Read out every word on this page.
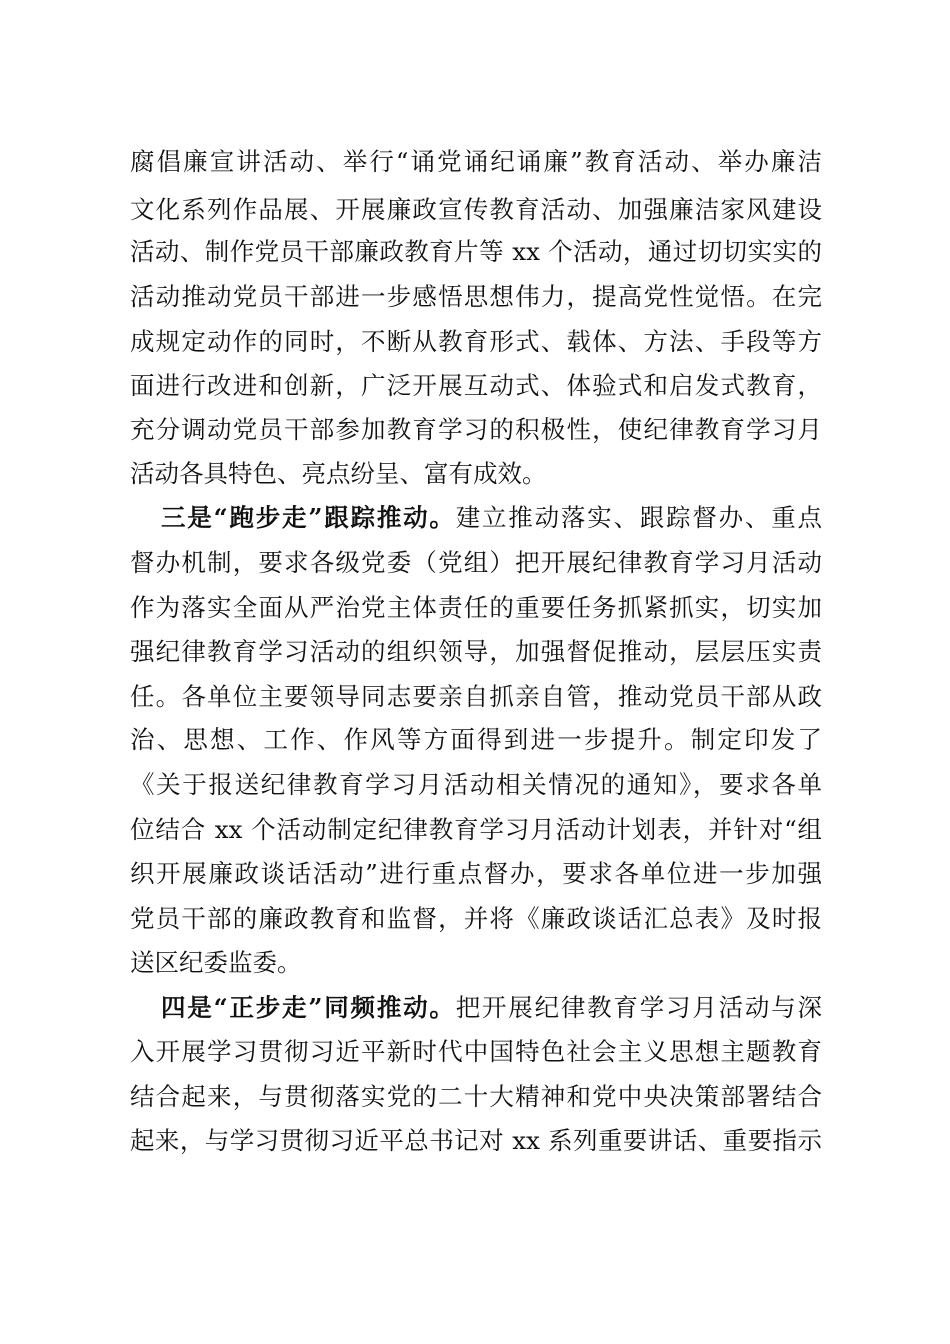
腐倡廉宣讲活动、举行“诵党诵纪诵廉”教育活动、举办廉洁
文化系列作品展、开展廉政宣传教育活动、加强廉洁家风建设
活动、制作党员干部廉政教育片等 xx 个活动，通过切切实实的
活动推动党员干部进一步感悟思想伟力，提高党性觉悟。在完
成规定动作的同时，不断从教育形式、载体、方法、手段等方
面进行改进和创新，广泛开展互动式、体验式和启发式教育，
充分调动党员干部参加教育学习的积极性，使纪律教育学习月
活动各具特色、亮点纷呈、富有成效。
三是“跑步走”跟踪推动。建立推动落实、跟踪督办、重点
督办机制，要求各级党委（党组）把开展纪律教育学习月活动
作为落实全面从严治党主体责任的重要任务抓紧抓实，切实加
强纪律教育学习活动的组织领导，加强督促推动，层层压实责
任。各单位主要领导同志要亲自抓亲自管，推动党员干部从政
治、思想、工作、作风等方面得到进一步提升。制定印发了
《关于报送纪律教育学习月活动相关情况的通知》，要求各单
位结合 xx 个活动制定纪律教育学习月活动计划表，并针对“组
织开展廉政谈话活动”进行重点督办，要求各单位进一步加强
党员干部的廉政教育和监督，并将《廉政谈话汇总表》及时报
送区纪委监委。
四是“正步走”同频推动。把开展纪律教育学习月活动与深
入开展学习贯彻习近平新时代中国特色社会主义思想主题教育
结合起来，与贯彻落实党的二十大精神和党中央决策部署结合
起来，与学习贯彻习近平总书记对 xx 系列重要讲话、重要指示
